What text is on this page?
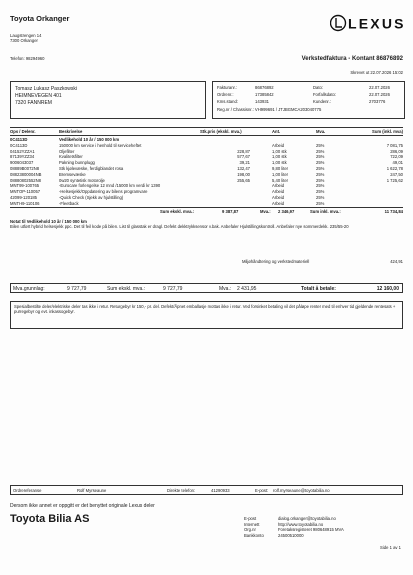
Toyota Orkanger
Laugstrengen 14
7300 Orkanger
Telefon: 98294960
LEXUS
Verkstedfaktura - Kontant 86876892
Skrevet ut 22.07.2026 15:02
Tomasz Lukasz Paszkowski
HEIMNEVEGEN 401
7320 FANNREM
Fakturanr.:	86876892	Dato:	22.07.2026
Ordrenr.:	17385842	Forfallsdato:	22.07.2026
Kms.stand:	143931	Kundenr.:	2703776
Reg.nr / Chassisnr.: VH999691 / JTJBGMCA203040775
Ops / Delenr.	Beskrivelse	Stk.pris (ekskl. mva.)	Ant.	Mva.	Sum (inkl. mva)
0C4113D	Vedlikehold 10 år / 150 000 km
0C4113D	150000 km service i henhold til serviceheftet	Arbeid	25%	7 081,75
04152YZZA1	Oljefilter	228,87	1,00 stk	25%	286,09
87139YZZ34	Kvalitetsfilter	577,67	1,00 stk	25%	722,09
9006043037	Pakning bunnplugg	39,21	1,00 stk	25%	49,01
08889B0072N8	Stk kjølevæske, ferdigblandet rosa	132,47	9,80 liter	25%	1 622,78
08823800004NB	Bremsevæske	198,00	1,00 liter	25%	247,50
08880802552N8	0w20 syntetisk motorolje	255,65	5,40 liter	25%	1 725,62
MNT99-100765	-Eurocare forlengelse 12 mnd /15000 km verdi kr 1390	Arbeid	25%
MNTOP-110057	-Helsesjekk/Oppdatering av bilens programvare	Arbeid	25%
42099-120185	-Quick Check (Sjekk av hjulstilling)	Arbeid	25%
MNTH9-110106	-Fleetback	Arbeid	25%
Sum ekskl. mva.:	9 387,87	Mva.: 2 346,97	Sum inkl. mva.:	11 734,84
Notat til Vedlikehold 10 år / 150 000 km
Bilen utført hybrid helsesjekk ppc. Det til feil kode på bilen. List til glasstak er dragl. Defekt dekktrykksensor v.bak. Anbefaler Hjulstillingskontroll. Anbefaler nye sommerdekk. 235/55-20
Miljøhåndtering og verkstedmateriell	424,91
Mva.grunnlag:	9 727,79	Sum ekskl. mva.:	9 727,79	Mva.: 2 431,95	Totalt å betale:	12 160,00
Spesialbestilte deler/elektriske deler tas ikke i retur. Returgebyr kr 150,- pr. del. Defekt/Åpnet emballasje mottas ikke i retur. Ved forsinket betaling vil det påløpe renter med til enhver tid gjeldende rentesats + purregebyr og evt. inkassogebyr.
Ordrereferanse	Rolf Myrseaune	Direkte telefon:	41290933	E-post: rolf.myrseaune@toyotabilia.no
Dersom ikke annet er oppgitt er det benyttet originale Lexus deler
Toyota Bilia AS	E-post	dialog.orkanger@toyotabilia.no
Internett	http://www.toyotabilia.no
Org.nr	Foretaksregisteret 980648915 MVA
Bankkonto	24500510000
Side 1 av 1
